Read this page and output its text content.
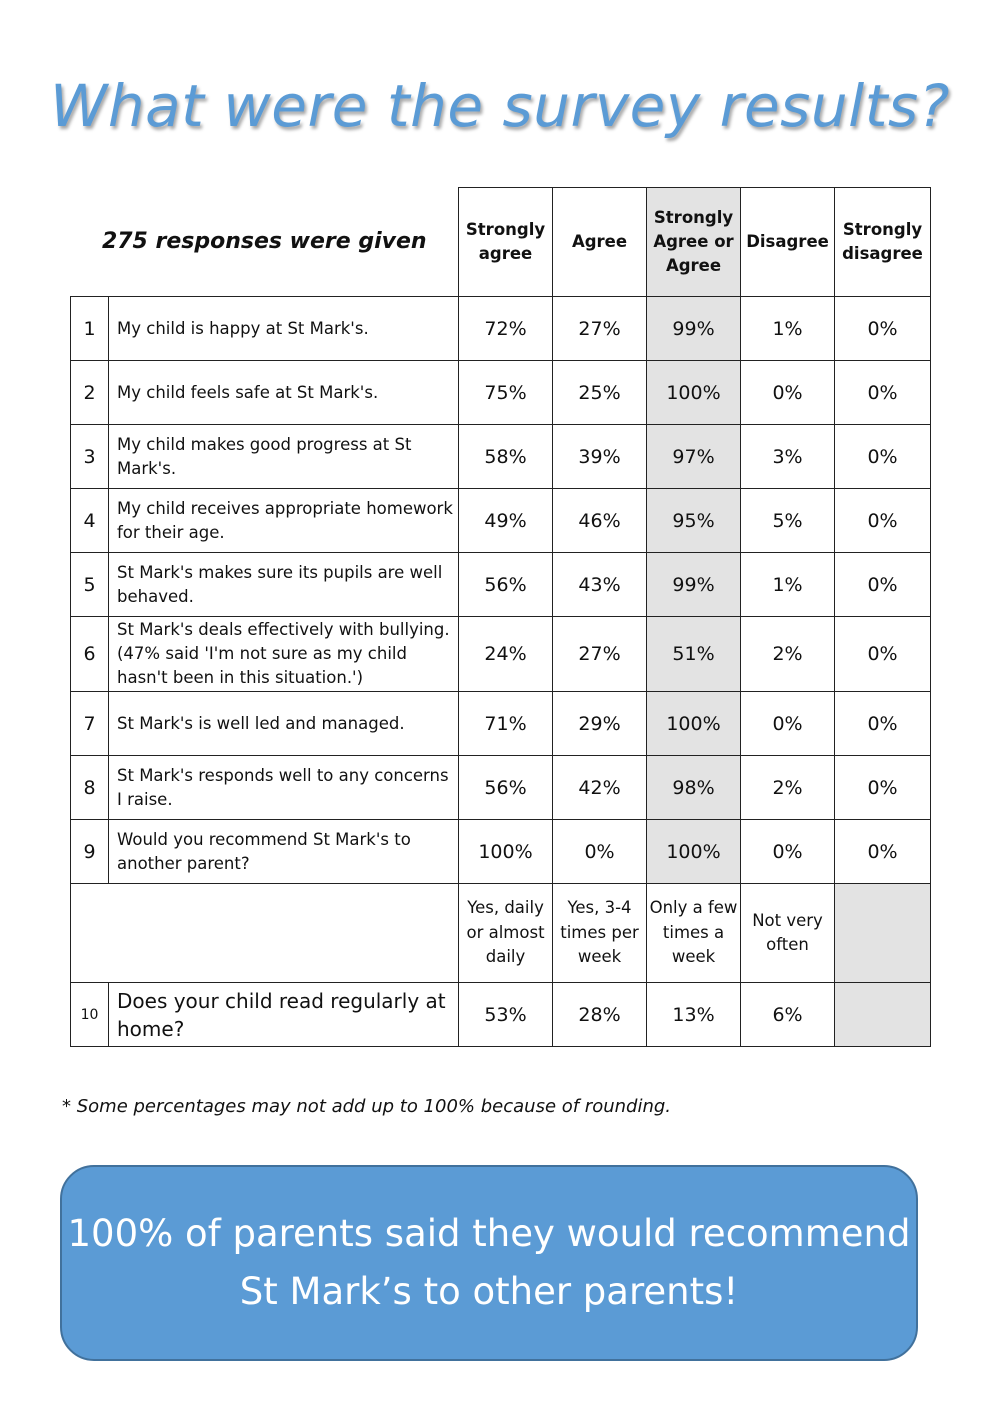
What were the survey results?
275 responses were given		Strongly agree	Agree	Strongly Agree or Agree	Disagree	Strongly disagree
1	My child is happy at St Mark's.	72%	27%	99%	1%	0%
2	My child feels safe at St Mark's.	75%	25%	100%	0%	0%
3	My child makes good progress at St Mark's.	58%	39%	97%	3%	0%
4	My child receives appropriate homework for their age.	49%	46%	95%	5%	0%
5	St Mark's makes sure its pupils are well behaved.	56%	43%	99%	1%	0%
6	St Mark's deals effectively with bullying. (47% said 'I'm not sure as my child hasn't been in this situation.')	24%	27%	51%	2%	0%
7	St Mark's is well led and managed.	71%	29%	100%	0%	0%
8	St Mark's responds well to any concerns I raise.	56%	42%	98%	2%	0%
9	Would you recommend St Mark's to another parent?	100%	0%	100%	0%	0%
		Yes, daily or almost daily	Yes, 3-4 times per week	Only a few times a week	Not very often	
10	Does your child read regularly at home?	53%	28%	13%	6%	
* Some percentages may not add up to 100% because of rounding.
100% of parents said they would recommend
St Mark’s to other parents!
